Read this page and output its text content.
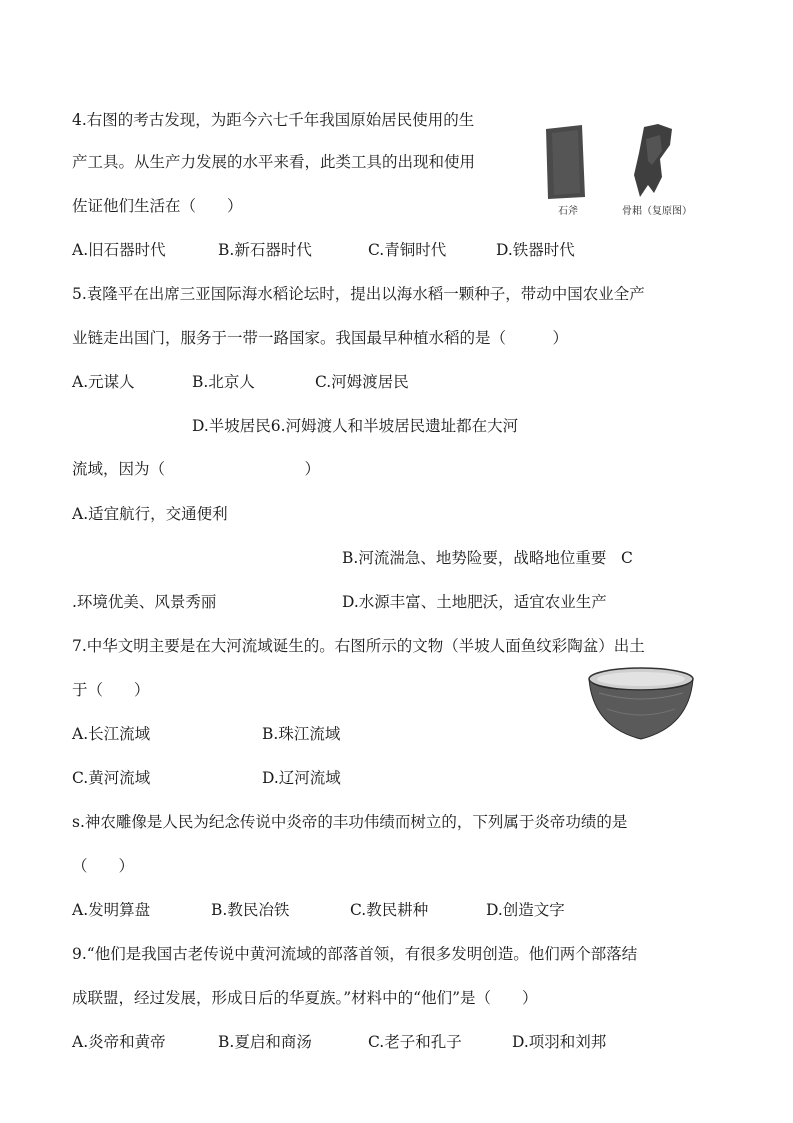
4.右图的考古发现，为距今六七千年我国原始居民使用的生
产工具。从生产力发展的水平来看，此类工具的出现和使用
佐证他们生活在（　　）	石斧	骨耜（复原图）
A.旧石器时代	B.新石器时代	C.青铜时代	D.铁器时代
5.袁隆平在出席三亚国际海水稻论坛时，提出以海水稻一颗种子，带动中国农业全产
业链走出国门，服务于一带一路国家。我国最早种植水稻的是（　　　）
A.元谋人	B.北京人	C.河姆渡居民
D.半坡居民6.河姆渡人和半坡居民遗址都在大河
流域，因为（　　　　　　　　　）
A.适宜航行，交通便利
B.河流湍急、地势险要，战略地位重要 C
.环境优美、风景秀丽	D.水源丰富、土地肥沃，适宜农业生产
7.中华文明主要是在大河流域诞生的。右图所示的文物（半坡人面鱼纹彩陶盆）出土
于（　　）
A.长江流域	B.珠江流域
C.黄河流域	D.辽河流域
s.神农雕像是人民为纪念传说中炎帝的丰功伟绩而树立的，下列属于炎帝功绩的是
（　　）
A.发明算盘	B.教民冶铁	C.教民耕种	D.创造文字
9.“他们是我国古老传说中黄河流域的部落首领，有很多发明创造。他们两个部落结
成联盟，经过发展，形成日后的华夏族。”材料中的“他们”是（　　）
A.炎帝和黄帝	B.夏启和商汤	C.老子和孔子	D.项羽和刘邦
